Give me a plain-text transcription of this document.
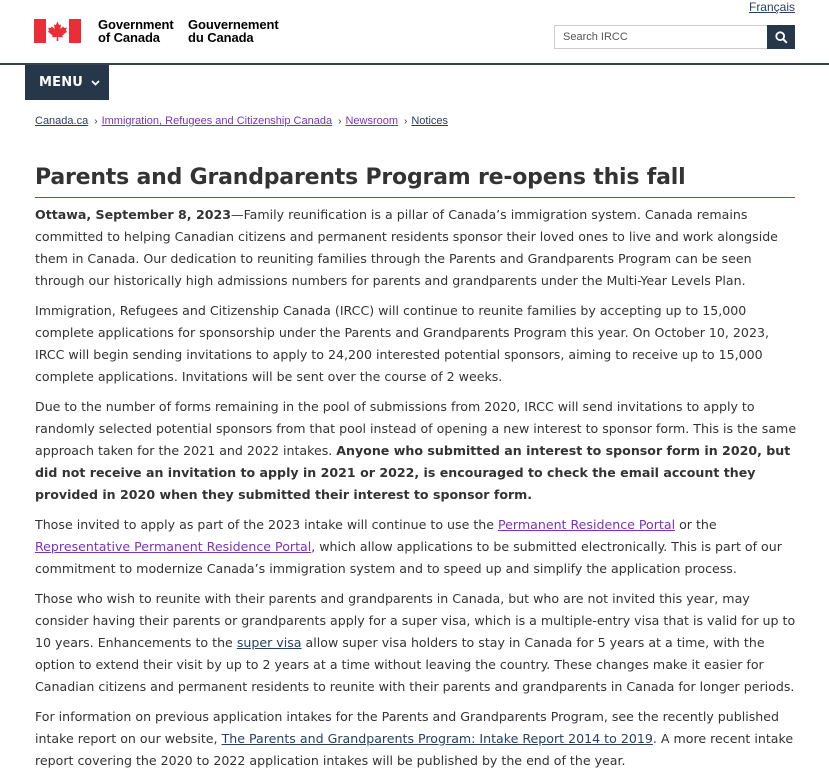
Français
Government
of Canada
Gouvernement
du Canada
Search IRCC
MENU
Canada.ca › Immigration, Refugees and Citizenship Canada › Newsroom › Notices
Parents and Grandparents Program re-opens this fall

Ottawa, September 8, 2023—Family reunification is a pillar of Canada’s immigration system. Canada remains committed to helping Canadian citizens and permanent residents sponsor their loved ones to live and work alongside them in Canada. Our dedication to reuniting families through the Parents and Grandparents Program can be seen through our historically high admissions numbers for parents and grandparents under the Multi-Year Levels Plan.

Immigration, Refugees and Citizenship Canada (IRCC) will continue to reunite families by accepting up to 15,000 complete applications for sponsorship under the Parents and Grandparents Program this year. On October 10, 2023, IRCC will begin sending invitations to apply to 24,200 interested potential sponsors, aiming to receive up to 15,000 complete applications. Invitations will be sent over the course of 2 weeks.

Due to the number of forms remaining in the pool of submissions from 2020, IRCC will send invitations to apply to randomly selected potential sponsors from that pool instead of opening a new interest to sponsor form. This is the same approach taken for the 2021 and 2022 intakes. Anyone who submitted an interest to sponsor form in 2020, but did not receive an invitation to apply in 2021 or 2022, is encouraged to check the email account they provided in 2020 when they submitted their interest to sponsor form.

Those invited to apply as part of the 2023 intake will continue to use the Permanent Residence Portal or the Representative Permanent Residence Portal, which allow applications to be submitted electronically. This is part of our commitment to modernize Canada’s immigration system and to speed up and simplify the application process.

Those who wish to reunite with their parents and grandparents in Canada, but who are not invited this year, may consider having their parents or grandparents apply for a super visa, which is a multiple-entry visa that is valid for up to 10 years. Enhancements to the super visa allow super visa holders to stay in Canada for 5 years at a time, with the option to extend their visit by up to 2 years at a time without leaving the country. These changes make it easier for Canadian citizens and permanent residents to reunite with their parents and grandparents in Canada for longer periods.

For information on previous application intakes for the Parents and Grandparents Program, see the recently published intake report on our website, The Parents and Grandparents Program: Intake Report 2014 to 2019. A more recent intake report covering the 2020 to 2022 application intakes will be published by the end of the year.
